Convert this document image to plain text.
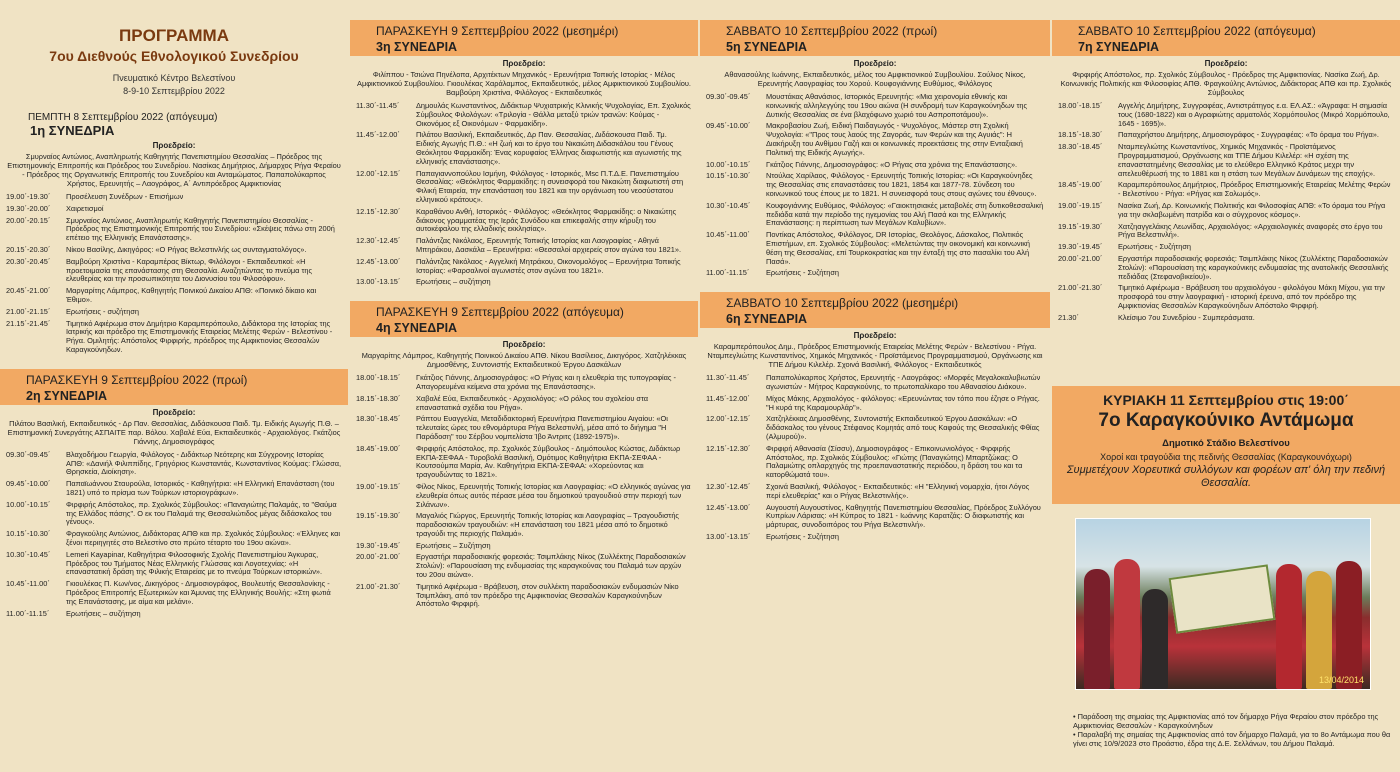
ΠΡΟΓΡΑΜΜΑ
7ου Διεθνούς Εθνολογικού Συνεδρίου
Πνευματικό Κέντρο Βελεστίνου
8-9-10 Σεπτεμβρίου 2022
ΠΕΜΠΤΗ 8 Σεπτεμβρίου 2022 (απόγευμα)
1η ΣΥΝΕΔΡΙΑ
Προεδρείο:
Σμυρναίος Αντώνιος, Αναπληρωτής Καθηγητής Πανεπιστημίου Θεσσαλίας – Πρόεδρος της Επιστημονικής Επιτροπής και Πρόεδρος του Συνεδρίου. Νασίκας Δημήτριος, Δήμαρχος Ρήγα Φεραίου - Πρόεδρος της Οργανωτικής Επιτροπής του Συνεδρίου και Ανταμώματος. Παπαπολύκαρπος Χρήστος, Ερευνητής – Λαογράφος, Α΄ Αντιπρόεδρος Αμφικτιονίας
19.00΄-19.30΄	Προσέλευση Συνέδρων - Επισήμων
19.30΄-20.00΄	Χαιρετισμοί
20.00΄-20.15΄	Σμυρναίος Αντώνιος, Αναπληρωτής Καθηγητής Πανεπιστημίου Θεσσαλίας - Πρόεδρος της Επιστημονικής Επιτροπής του Συνεδρίου: «Σκέψεις πάνω στη 200ή επέτειο της Ελληνικής Επανάστασης».
20.15΄-20.30΄	Νίκου Βασίλης, Δικηγόρος: «Ο Ρήγας Βελεστινλής ως συνταγματολόγος».
20.30΄-20.45΄	Βαμβούρη Χριστίνα - Καραμπέρας Βίκτωρ, Φιλόλογοι - Εκπαιδευτικοί: «Η προετοιμασία της επανάστασης στη Θεσσαλία. Αναζητώντας το πνεύμα της ελευθερίας και την προσωπικότητα του Διονυσίου του Φιλοσόφου».
20.45΄-21.00΄	Μαργαρίτης Λάμπρος, Καθηγητής Ποινικού Δικαίου ΑΠΘ: «Ποινικό δίκαιο και Έθιμο».
21.00΄-21.15΄	Ερωτήσεις - συζήτηση
21.15΄-21.45΄	Τιμητικό Αφιέρωμα στον Δημήτριο Καραμπερόπουλο, Διδάκτορα της Ιστορίας της Ιατρικής και πρόεδρο της Επιστημονικής Εταιρείας Μελέτης Φερών - Βελεστίνου - Ρήγα. Ομιλητής: Απόστολος Φιρφιρής, πρόεδρος της Αμφικτιονίας Θεσσαλών Καραγκούνηδων.
ΠΑΡΑΣΚΕΥΗ 9 Σεπτεμβρίου 2022 (πρωί)
2η ΣΥΝΕΔΡΙΑ
Προεδρείο:
Πιλάτου Βασιλική, Εκπαιδευτικός - Δρ Παν. Θεσσαλίας, Διδάσκουσα Παιδ. Τμ. Ειδικής Αγωγής Π.Θ. – Επιστημονική Συνεργάτης ΑΣΠΑΙΤΕ παρ. Βόλου. Χαβαλέ Εύα, Εκπαιδευτικός - Αρχαιολόγος. Γκάτζιος Γιάννης, Δημοσιογράφος
09.30΄-09.45΄	Βλαχοδήμου Γεωργία, Φιλόλογος - Διδάκτωρ Νεότερης και Σύγχρονης Ιστορίας ΑΠΘ: «Δανιήλ Φιλιππίδης, Γρηγόριος Κωνσταντάς, Κωνσταντίνος Κούμας: Γλώσσα, Θρησκεία, Διοίκηση».
09.45΄-10.00΄	Παπαϊωάννου Σταυρούλα, Ιστορικός - Καθηγήτρια: «Η Ελληνική Επανάσταση (του 1821) υπό το πρίσμα των Τούρκων ιστοριογράφων».
10.00΄-10.15΄	Φιρφιρής Απόστολος, πρ. Σχολικός Σύμβουλος: «Παναγιώτης Παλαμάς, το "Θαύμα της Ελλάδος πάσης". Ο εκ του Παλαμά της Θεσσαλιώτιδος μέγας διδάσκαλος του γένους».
10.15΄-10.30΄	Φραγκούλης Αντώνιος, Διδάκτορας ΑΠΘ και πρ. Σχολικός Σύμβουλος: «Έλληνες και ξένοι περιηγητές στο Βελεστίνο στο πρώτο τέταρτο του 19ου αιώνα».
10.30΄-10.45΄	Lemeri Kayapinar, Καθηγήτρια Φιλοσοφικής Σχολής Πανεπιστημίου Άγκυρας, Πρόεδρος του Τμήματος Νέας Ελληνικής Γλώσσας και Λογοτεχνίας: «Η επαναστατική δράση της Φιλικής Εταιρείας με το πνεύμα Τούρκων ιστορικών».
10.45΄-11.00΄	Γκιουλέκας Π. Κων/νος, Δικηγόρος - Δημοσιογράφος, Βουλευτής Θεσσαλονίκης - Πρόεδρος Επιτροπής Εξωτερικών και Άμυνας της Ελληνικής Βουλής: «Στη φωτιά της Επανάστασης, με αίμα και μελάνι».
11.00΄-11.15΄	Ερωτήσεις – συζήτηση
ΠΑΡΑΣΚΕΥΗ 9 Σεπτεμβρίου 2022 (μεσημέρι)
3η ΣΥΝΕΔΡΙΑ
Προεδρείο:
Φιλίππου - Τσιώνα Πηνέλοπα, Αρχιτέκτων Μηχανικός - Ερευνήτρια Τοπικής Ιστορίας - Μέλος Αμφικτιονικού Συμβουλίου. Γκιουλέκας Χαράλαμπος, Εκπαιδευτικός, μέλος Αμφικτιονικού Συμβουλίου. Βαμβούρη Χριστίνα, Φιλόλογος - Εκπαιδευτικός
11.30΄-11.45΄	Δημουλάς Κωνσταντίνος, Διδάκτωρ Ψυχιατρικής Κλινικής Ψυχολογίας, Επ. Σχολικός Σύμβουλος Φιλολόγων: «Τριλογία - Θάλλα μεταξύ τριών τρανών: Κούμας - Οικονόμος εξ Οικονόμων - Φαρμακίδη».
11.45΄-12.00΄	Πιλάτου Βασιλική, Εκπαιδευτικός, Δρ Παν. Θεσσαλίας, Διδάσκουσα Παιδ. Τμ. Ειδικής Αγωγής Π.Θ.: «Η ζωή και το έργο του Νικαιώτη Διδασκάλου του Γένους Θεόκλητου Φαρμακίδη: Ένας κορυφαίος Έλληνας διαφωτιστής και αγωνιστής της ελληνικής επανάστασης».
12.00΄-12.15΄	Παπαγιαννοπούλου Ισμήνη, Φιλόλογος - Ιστορικός, Msc Π.Τ.Δ.Ε. Πανεπιστημίου Θεσσαλίας: «Θεόκλητος Φαρμακίδης: η συνεισφορά του Νικαιώτη διαφωτιστή στη Φιλική Εταιρεία, την επανάσταση του 1821 και την οργάνωση του νεοσύστατου ελληνικού κράτους».
12.15΄-12.30΄	Καραθάνου Ανθή, Ιστορικός - Φιλόλογος: «Θεόκλητος Φαρμακίδης: ο Νικαιώτης διάκονος γραμματέας της Ιεράς Συνόδου και επικεφαλής στην κήρυξη του αυτοκέφαλου της ελλαδικής εκκλησίας».
12.30΄-12.45΄	Παλάντζας Νικόλαος, Ερευνητής Τοπικής Ιστορίας και Λαογραφίας - Αθηνά Μπηράκου, Δασκάλα – Ερευνήτρια: «Θεσσαλοί αρχιερείς στον αγώνα του 1821».
12.45΄-13.00΄	Παλάντζας Νικόλαος - Αγγελική Μητράκου, Οικονομολόγος – Ερευνήτρια Τοπικής Ιστορίας: «Φαρσαλινοί αγωνιστές στον αγώνα του 1821».
13.00΄-13.15΄	Ερωτήσεις – συζήτηση
ΠΑΡΑΣΚΕΥΗ 9 Σεπτεμβρίου 2022 (απόγευμα)
4η ΣΥΝΕΔΡΙΑ
Προεδρείο:
Μαργαρίτης Λάμπρος, Καθηγητής Ποινικού Δικαίου ΑΠΘ. Νίκου Βασίλειος, Δικηγόρος. Χατζηλέκκας Δημοσθένης, Συντονιστής Εκπαιδευτικού Έργου Δασκάλων
18.00΄-18.15΄	Γκάτζιος Γιάννης, Δημοσιογράφος: «Ο Ρήγας και η ελευθερία της τυπογραφίας - Απαγορευμένα κείμενα στα χρόνια της Επανάστασης».
18.15΄-18.30΄	Χαβαλέ Εύα, Εκπαιδευτικός - Αρχαιολόγος: «Ο ρόλος του σχολείου στα επαναστατικά σχέδια του Ρήγα».
18.30΄-18.45΄	Ράπτου Ευαγγελία, Μεταδιδακτορική Ερευνήτρια Πανεπιστημίου Αιγαίου: «Οι τελευταίες ώρες του εθνομάρτυρα Ρήγα Βελεστινλή, μέσα από το διήγημα "Η Παράδοση" του Σέρβου νομπελίστα Ίβο Άντριτς (1892-1975)».
18.45΄-19.00΄	Φιρφιρής Απόστολος, πρ. Σχολικός Σύμβουλος - Δημόπουλος Κώστας, Διδάκτωρ ΕΚΠΑ-ΣΕΦΑΑ - Τυροβολά Βασιλική, Ομότιμος Καθηγήτρια ΕΚΠΑ-ΣΕΦΑΑ - Κουτσούμπα Μαρία, Αν. Καθηγήτρια ΕΚΠΑ-ΣΕΦΑΑ: «Χορεύοντας και τραγουδώντας το 1821».
19.00΄-19.15΄	Φίλος Νίκος, Ερευνητής Τοπικής Ιστορίας και Λαογραφίας: «Ο ελληνικός αγώνας για ελευθερία όπως αυτός πέρασε μέσα του δημοτικού τραγουδιού στην περιοχή των Σιλάνων».
19.15΄-19.30΄	Μαγαλιός Γιώργος, Ερευνητής Τοπικής Ιστορίας και Λαογραφίας – Τραγουδιστής παραδοσιακών τραγουδιών: «Η επανάσταση του 1821 μέσα από το δημοτικό τραγούδι της περιοχής Παλαμά».
19.30΄-19.45΄	Ερωτήσεις – Συζήτηση
20.00΄-21.00΄	Εργαστήρι παραδοσιακής φορεσιάς: Τσιμπλάκης Νίκος (Συλλέκτης Παραδοσιακών Στολών): «Παρουσίαση της ενδυμασίας της καραγκούνας του Παλαμά των αρχών του 20ου αιώνα».
21.00΄-21.30΄	Τιμητικό Αφιέρωμα - Βράβευση, στον συλλέκτη παραδοσιακών ενδυμασιών Νίκο Τσιμπλάκη, από τον πρόεδρο της Αμφικτιονίας Θεσσαλών Καραγκούνηδων Απόστολο Φιρφιρή.
ΣΑΒΒΑΤΟ 10 Σεπτεμβρίου 2022 (πρωί)
5η ΣΥΝΕΔΡΙΑ
Προεδρείο:
Αθανασούλης Ιωάννης, Εκπαιδευτικός, μέλος του Αμφικτιονικού Συμβουλίου. Σούλιος Νίκος, Ερευνητής Λαογραφίας του Χορού. Κουφογιάννης Ευθύμιος, Φιλόλογος
09.30΄-09.45΄	Μουστάκας Αθανάσιος, Ιστορικός Ερευνητής: «Μια χειρονομία εθνικής και κοινωνικής αλληλεγγύης του 19ου αιώνα (Η συνδρομή των Καραγκούνηδων της Δυτικής Θεσσαλίας σε ένα βλαχόφωνο χωριό του Ασπροποτάμου)».
09.45΄-10.00΄	Μακροβασίου Ζωή, Ειδική Παιδαγωγός - Ψυχολόγος, Μάστερ στη Σχολική Ψυχολογία: «"Προς τους λαούς της Ζαγοράς, των Φερών και της Αγυιάς": Η Διακήρυξη του Ανθίμου Γαζή και οι κοινωνικές προεκτάσεις της στην Ενταξιακή Πολιτική της Ειδικής Αγωγής».
10.00΄-10.15΄	Γκάτζιος Γιάννης, Δημοσιογράφος: «Ο Ρήγας στα χρόνια της Επανάστασης».
10.15΄-10.30΄	Ντούλας Χαρίλαος, Φιλόλογος - Ερευνητής Τοπικής Ιστορίας: «Οι Καραγκούνηδες της Θεσσαλίας στις επαναστάσεις του 1821, 1854 και 1877-78. Σύνδεση του κοινωνικού τους έπους με το 1821. Η συνεισφορά τους στους αγώνες του έθνους».
10.30΄-10.45΄	Κουφογιάννης Ευθύμιος, Φιλόλογος: «Γαιοκτησιακές μεταβολές στη δυτικοθεσσαλική πεδιάδα κατά την περίοδο της ηγεμονίας του Αλή Πασά και της Ελληνικής Επανάστασης: η περίπτωση των Μεγάλων Καλυβίων».
10.45΄-11.00΄	Ποντίκας Απόστολος, Φιλόλογος, DR Ιστορίας, Θεολόγος, Δάσκαλος, Πολιτικός Επιστήμων, επ. Σχολικός Σύμβουλος: «Μελετώντας την οικονομική και κοινωνική θέση της Θεσσαλίας, επί Τουρκοκρατίας και την ένταξή της στο πασαλίκι του Αλή Πασά».
11.00΄-11.15΄	Ερωτήσεις - Συζήτηση
ΣΑΒΒΑΤΟ 10 Σεπτεμβρίου 2022 (μεσημέρι)
6η ΣΥΝΕΔΡΙΑ
Προεδρείο:
Καραμπερόπουλος Δημ., Πρόεδρος Επιστημονικής Εταιρείας Μελέτης Φερών - Βελεστίνου - Ρήγα. Νταμπεγλιώτης Κωνσταντίνος, Χημικός Μηχανικός - Προϊστάμενος Προγραμματισμού, Οργάνωσης και ΤΠΕ Δήμου Κιλελέρ. Σχοινά Βασιλική, Φιλόλογος - Εκπαιδευτικός
11.30΄-11.45΄	Παπαπολύκαρπος Χρήστος, Ερευνητής - Λαογράφος: «Μορφές Μεγαλοκαλυβιωτών αγωνιστών - Μήτρος Καραγκούνης, το πρωτοπαλίκαρο του Αθανασίου Διάκου».
11.45΄-12.00΄	Μίχος Μάκης, Αρχαιολόγος - φιλόλογος: «Ερευνώντας τον τόπο που έζησε ο Ρήγας. "Η κυρά της Καραμουρλάρ"».
12.00΄-12.15΄	Χατζηλέκκας Δημοσθένης, Συντονιστής Εκπαιδευτικού Έργου Δασκάλων: «Ο διδάσκαλος του γένους Στέφανος Κομητάς από τους Καφούς της Θεσσαλικής Φθίας (Αλμυρού)».
12.15΄-12.30΄	Φιρφιρή Αθανασία (Σίσσυ), Δημοσιογράφος - Επικοινωνιολόγος - Φιρφιρής Απόστολος, πρ. Σχολικός Σύμβουλος: «Γιώτης (Παναγιώτης) Μπαρτζώκας: Ο Παλαμιώτης οπλαρχηγός της προεπαναστατικής περιόδου, η δράση του και τα κατορθώματά του».
12.30΄-12.45΄	Σχοινά Βασιλική, Φιλόλογος - Εκπαιδευτικός: «Η "Ελληνική νομαρχία, ήτοι Λόγος περί ελευθερίας" και ο Ρήγας Βελεστινλής».
12.45΄-13.00΄	Αυγουστή Αυγουστίνος, Καθηγητής Πανεπιστημίου Θεσσαλίας, Πρόεδρος Συλλόγου Κυπρίων Λάρισας: «Η Κύπρος το 1821 - Ιωάννης Καρατζάς: Ο διαφωτιστής και μάρτυρας, συνοδοιπόρος του Ρήγα Βελεστινλή».
13.00΄-13.15΄	Ερωτήσεις - Συζήτηση
ΣΑΒΒΑΤΟ 10 Σεπτεμβρίου 2022 (απόγευμα)
7η ΣΥΝΕΔΡΙΑ
Προεδρείο:
Φιρφιρής Απόστολος, πρ. Σχολικός Σύμβουλος - Πρόεδρος της Αμφικτιονίας. Νασίκα Ζωή, Δρ. Κοινωνικής Πολιτικής και Φιλοσοφίας ΑΠΘ. Φραγκούλης Αντώνιος, Διδάκτορας ΑΠΘ και πρ. Σχολικός Σύμβουλος
18.00΄-18.15΄	Αγγελής Δημήτρης, Συγγραφέας, Αντιστράτηγος ε.α. ΕΛ.ΑΣ.: «Άγραφα: Η σημασία τους (1680-1822) και ο Αγραφιώτης αρματολός Χορμόπουλος (Μικρό Χορμόπουλο, 1645 - 1695)».
18.15΄-18.30΄	Παπαχρήστου Δημήτρης, Δημοσιογράφος - Συγγραφέας: «Το όραμα του Ρήγα».
18.30΄-18.45΄	Νταμπεγλιώτης Κωνσταντίνος, Χημικός Μηχανικός - Προϊστάμενος Προγραμματισμού, Οργάνωσης και ΤΠΕ Δήμου Κιλελέρ: «Η σχέση της επαναστατημένης Θεσσαλίας με το ελεύθερο Ελληνικό Κράτος μεχρι την απελευθέρωσή της το 1881 και η στάση των Μεγάλων Δυνάμεων της εποχής».
18.45΄-19.00΄	Καραμπερόπουλος Δημήτριος, Πρόεδρος Επιστημονικής Εταιρείας Μελέτης Φερών - Βελεστίνου - Ρήγα: «Ρήγας και Σολωμός».
19.00΄-19.15΄	Νασίκα Ζωή, Δρ. Κοινωνικής Πολιτικής και Φιλοσοφίας ΑΠΘ: «Το όραμα του Ρήγα για την σκλαβωμένη πατρίδα και ο σύγχρονος κόσμος».
19.15΄-19.30΄	Χατζηαγγελάκης Λεωνίδας, Αρχαιολόγος: «Αρχαιολογικές αναφορές στο έργο του Ρήγα Βελεστινλή».
19.30΄-19.45΄	Ερωτήσεις - Συζήτηση
20.00΄-21.00΄	Εργαστήρι παραδοσιακής φορεσιάς: Τσιμπλάκης Νίκος (Συλλέκτης Παραδοσιακών Στολών): «Παρουσίαση της καραγκούνικης ενδυμασίας της ανατολικής Θεσσαλικής πεδιάδας (Στεφανοβικείου)».
21.00΄-21.30΄	Τιμητικό Αφιέρωμα - Βράβευση του αρχαιολόγου - φιλολόγου Μάκη Μίχου, για την προσφορά του στην λαογραφική - ιστορική έρευνα, από τον πρόεδρο της Αμφικτιονίας Θεσσαλών Καραγκούνηδων Απόστολο Φιρφιρή.
21.30΄	Κλείσιμο 7ου Συνεδρίου - Συμπεράσματα.
ΚΥΡΙΑΚΗ 11 Σεπτεμβρίου στις 19:00΄
7ο Καραγκούνικο Αντάμωμα
Δημοτικό Στάδιο Βελεστίνου
Χοροί και τραγούδια της πεδινής Θεσσαλίας (Καραγκουνόχωρι)
Συμμετέχουν Χορευτικά συλλόγων και φορέων απ' όλη την πεδινή Θεσσαλία.
13/04/2014
• Παράδοση της σημαίας της Αμφικτιονίας από τον δήμαρχο Ρήγα Φεραίου στον πρόεδρο της Αμφικτιονίας Θεσσαλών - Καραγκούνηδων
• Παραλαβή της σημαίας της Αμφικτιονίας από τον δήμαρχο Παλαμά, για το 8ο Αντάμωμα που θα γίνει στις 10/9/2023 στο Προάστιο, έδρα της Δ.Ε. Σελλάνων, του Δήμου Παλαμά.
